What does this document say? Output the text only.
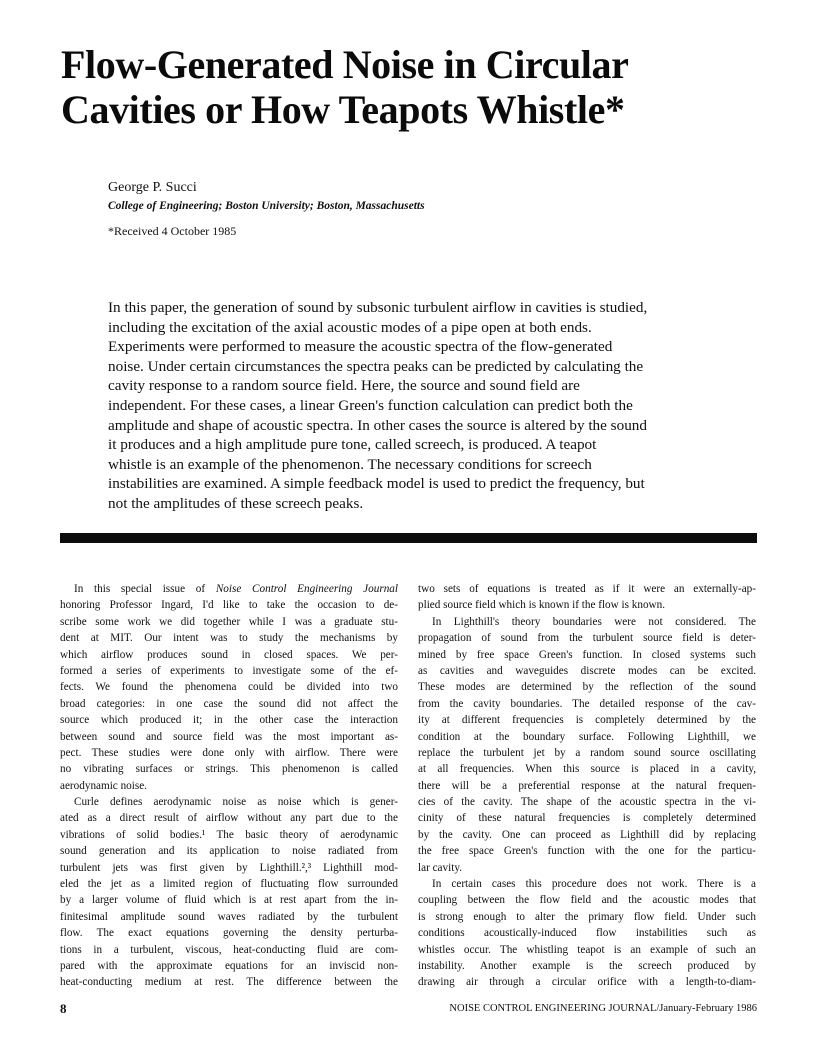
Flow-Generated Noise in Circular
Cavities or How Teapots Whistle*
George P. Succi
College of Engineering; Boston University; Boston, Massachusetts
*Received 4 October 1985
In this paper, the generation of sound by subsonic turbulent airflow in cavities is studied,
including the excitation of the axial acoustic modes of a pipe open at both ends.
Experiments were performed to measure the acoustic spectra of the flow-generated
noise. Under certain circumstances the spectra peaks can be predicted by calculating the
cavity response to a random source field. Here, the source and sound field are
independent. For these cases, a linear Green's function calculation can predict both the
amplitude and shape of acoustic spectra. In other cases the source is altered by the sound
it produces and a high amplitude pure tone, called screech, is produced. A teapot
whistle is an example of the phenomenon. The necessary conditions for screech
instabilities are examined. A simple feedback model is used to predict the frequency, but
not the amplitudes of these screech peaks.
In this special issue of Noise Control Engineering Journal
honoring Professor Ingard, I'd like to take the occasion to de-
scribe some work we did together while I was a graduate stu-
dent at MIT. Our intent was to study the mechanisms by
which airflow produces sound in closed spaces. We per-
formed a series of experiments to investigate some of the ef-
fects. We found the phenomena could be divided into two
broad categories: in one case the sound did not affect the
source which produced it; in the other case the interaction
between sound and source field was the most important as-
pect. These studies were done only with airflow. There were
no vibrating surfaces or strings. This phenomenon is called
aerodynamic noise.
Curle defines aerodynamic noise as noise which is gener-
ated as a direct result of airflow without any part due to the
vibrations of solid bodies.¹ The basic theory of aerodynamic
sound generation and its application to noise radiated from
turbulent jets was first given by Lighthill.²,³ Lighthill mod-
eled the jet as a limited region of fluctuating flow surrounded
by a larger volume of fluid which is at rest apart from the in-
finitesimal amplitude sound waves radiated by the turbulent
flow. The exact equations governing the density perturba-
tions in a turbulent, viscous, heat-conducting fluid are com-
pared with the approximate equations for an inviscid non-
heat-conducting medium at rest. The difference between the
two sets of equations is treated as if it were an externally-ap-
plied source field which is known if the flow is known.
In Lighthill's theory boundaries were not considered. The
propagation of sound from the turbulent source field is deter-
mined by free space Green's function. In closed systems such
as cavities and waveguides discrete modes can be excited.
These modes are determined by the reflection of the sound
from the cavity boundaries. The detailed response of the cav-
ity at different frequencies is completely determined by the
condition at the boundary surface. Following Lighthill, we
replace the turbulent jet by a random sound source oscillating
at all frequencies. When this source is placed in a cavity,
there will be a preferential response at the natural frequen-
cies of the cavity. The shape of the acoustic spectra in the vi-
cinity of these natural frequencies is completely determined
by the cavity. One can proceed as Lighthill did by replacing
the free space Green's function with the one for the particu-
lar cavity.
In certain cases this procedure does not work. There is a
coupling between the flow field and the acoustic modes that
is strong enough to alter the primary flow field. Under such
conditions acoustically-induced flow instabilities such as
whistles occur. The whistling teapot is an example of such an
instability. Another example is the screech produced by
drawing air through a circular orifice with a length-to-diam-
8	NOISE CONTROL ENGINEERING JOURNAL/January-February 1986
